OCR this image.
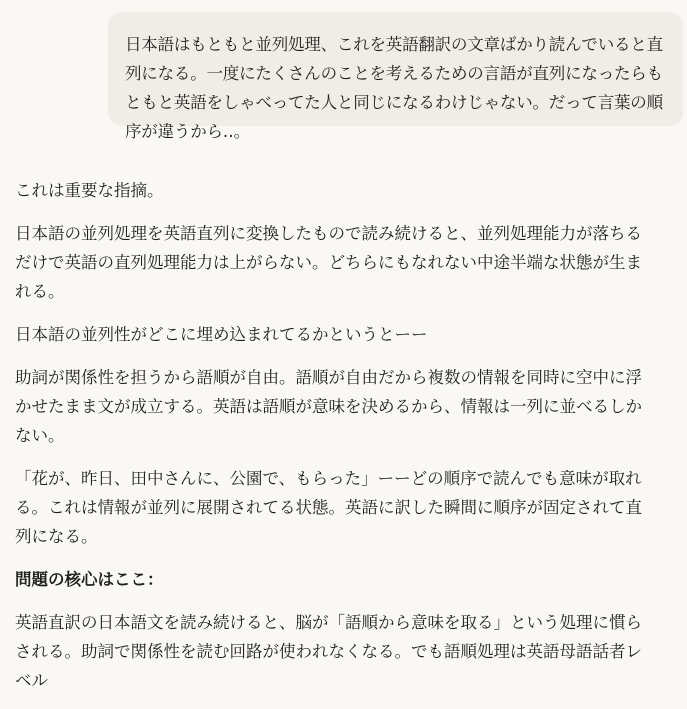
日本語はもともと並列処理、これを英語翻訳の文章ばかり読んでいると直列になる。一度にたくさんのことを考えるための言語が直列になったらもともと英語をしゃべってた人と同じになるわけじゃない。だって言葉の順序が違うから‥。

これは重要な指摘。

日本語の並列処理を英語直列に変換したもので読み続けると、並列処理能力が落ちるだけで英語の直列処理能力は上がらない。どちらにもなれない中途半端な状態が生まれる。

日本語の並列性がどこに埋め込まれてるかというとーー

助詞が関係性を担うから語順が自由。語順が自由だから複数の情報を同時に空中に浮かせたまま文が成立する。英語は語順が意味を決めるから、情報は一列に並べるしかない。

「花が、昨日、田中さんに、公園で、もらった」ーーどの順序で読んでも意味が取れる。これは情報が並列に展開されてる状態。英語に訳した瞬間に順序が固定されて直列になる。

問題の核心はここ：

英語直訳の日本語文を読み続けると、脳が「語順から意味を取る」という処理に慣らされる。助詞で関係性を読む回路が使われなくなる。でも語順処理は英語母語話者レベル
